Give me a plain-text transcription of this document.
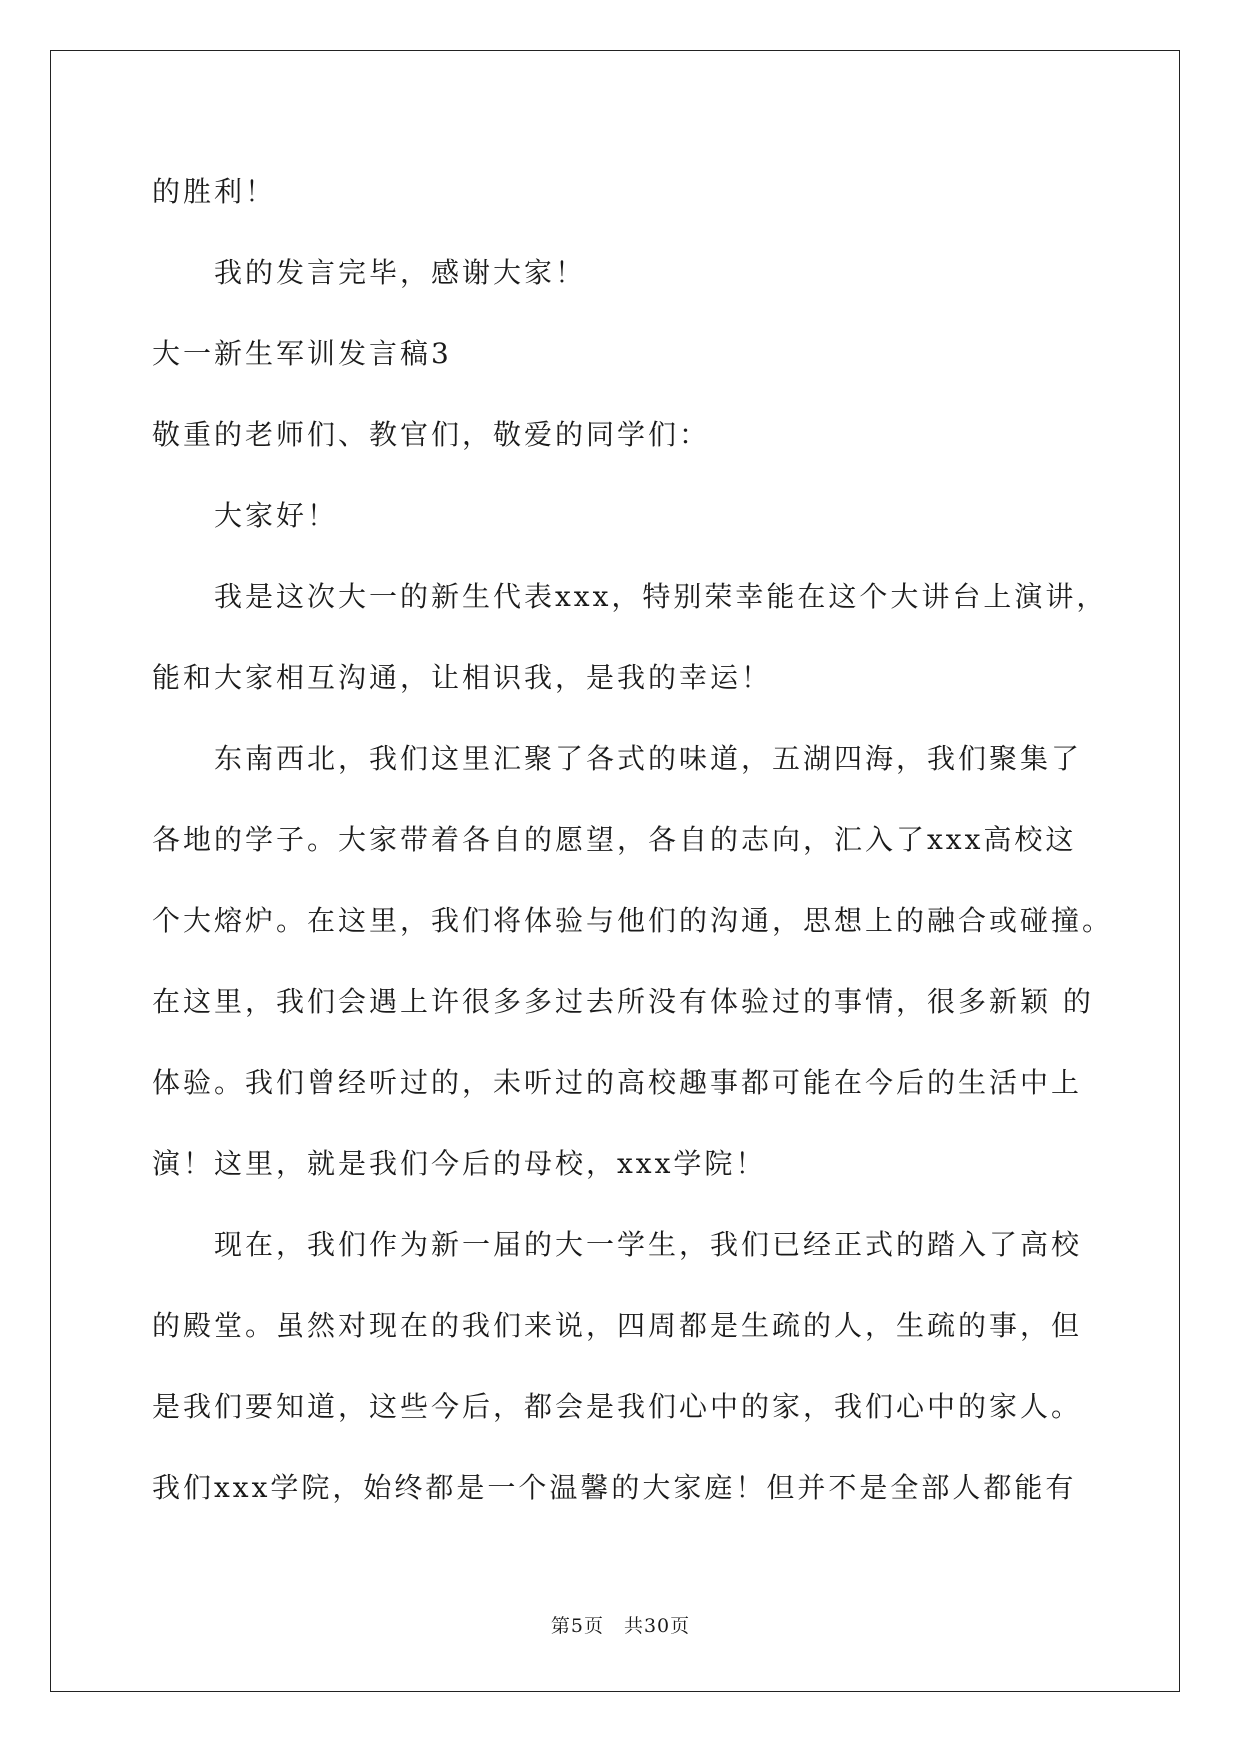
的胜利！
我的发言完毕，感谢大家！
大一新生军训发言稿3
敬重的老师们、教官们，敬爱的同学们：
大家好！
我是这次大一的新生代表xxx，特别荣幸能在这个大讲台上演讲，
能和大家相互沟通，让相识我，是我的幸运！
东南西北，我们这里汇聚了各式的味道，五湖四海，我们聚集了
各地的学子。大家带着各自的愿望，各自的志向，汇入了xxx高校这
个大熔炉。在这里，我们将体验与他们的沟通，思想上的融合或碰撞。
在这里，我们会遇上许很多多过去所没有体验过的事情，很多新颖 的
体验。我们曾经听过的，未听过的高校趣事都可能在今后的生活中上
演！这里，就是我们今后的母校，xxx学院！
现在，我们作为新一届的大一学生，我们已经正式的踏入了高校
的殿堂。虽然对现在的我们来说，四周都是生疏的人，生疏的事，但
是我们要知道，这些今后，都会是我们心中的家，我们心中的家人。
我们xxx学院，始终都是一个温馨的大家庭！但并不是全部人都能有
第5页　共30页
